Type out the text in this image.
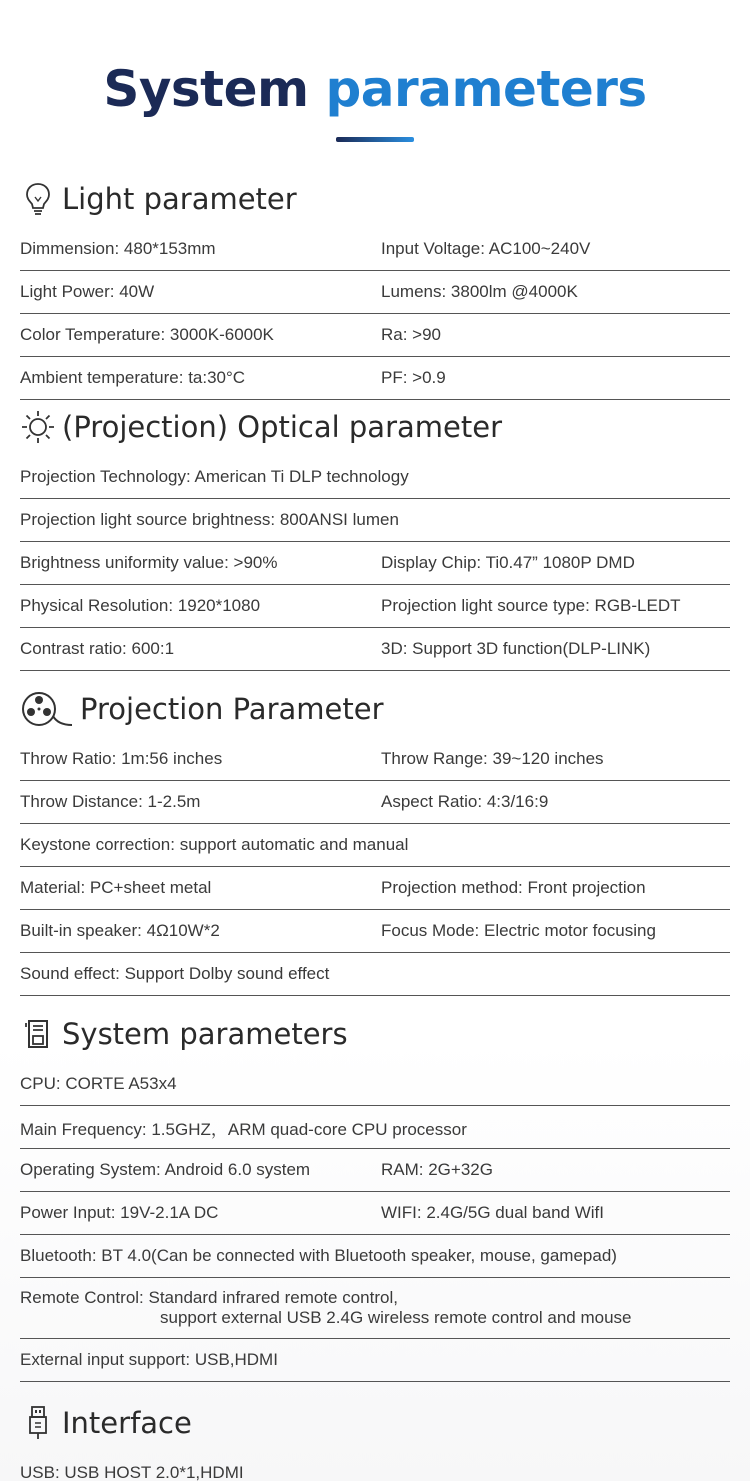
System parameters
Light parameter
Dimmension: 480*153mm	Input Voltage: AC100~240V
Light Power: 40W	Lumens: 3800lm @4000K
Color Temperature: 3000K-6000K	Ra: >90
Ambient temperature: ta:30°C	PF: >0.9
(Projection) Optical parameter
Projection Technology: American Ti DLP technology
Projection light source brightness: 800ANSI lumen
Brightness uniformity value: >90%	Display Chip: Ti0.47” 1080P DMD
Physical Resolution: 1920*1080	Projection light source type: RGB-LEDT
Contrast ratio: 600:1	3D: Support 3D function(DLP-LINK)
Projection Parameter
Throw Ratio: 1m:56 inches	Throw Range: 39~120 inches
Throw Distance: 1-2.5m	Aspect Ratio: 4:3/16:9
Keystone correction: support automatic and manual
Material: PC+sheet metal	Projection method: Front projection
Built-in speaker: 4Ω10W*2	Focus Mode: Electric motor focusing
Sound effect: Support Dolby sound effect
System parameters
CPU: CORTE A53x4
Main Frequency: 1.5GHZ，ARM quad-core CPU processor
Operating System: Android 6.0 system	RAM: 2G+32G
Power Input: 19V-2.1A DC	WIFI: 2.4G/5G dual band WifI
Bluetooth: BT 4.0(Can be connected with Bluetooth speaker, mouse, gamepad)
Remote Control: Standard infrared remote control,
support external USB 2.4G wireless remote control and mouse
External input support: USB,HDMI
Interface
USB: USB HOST 2.0*1,HDMI
